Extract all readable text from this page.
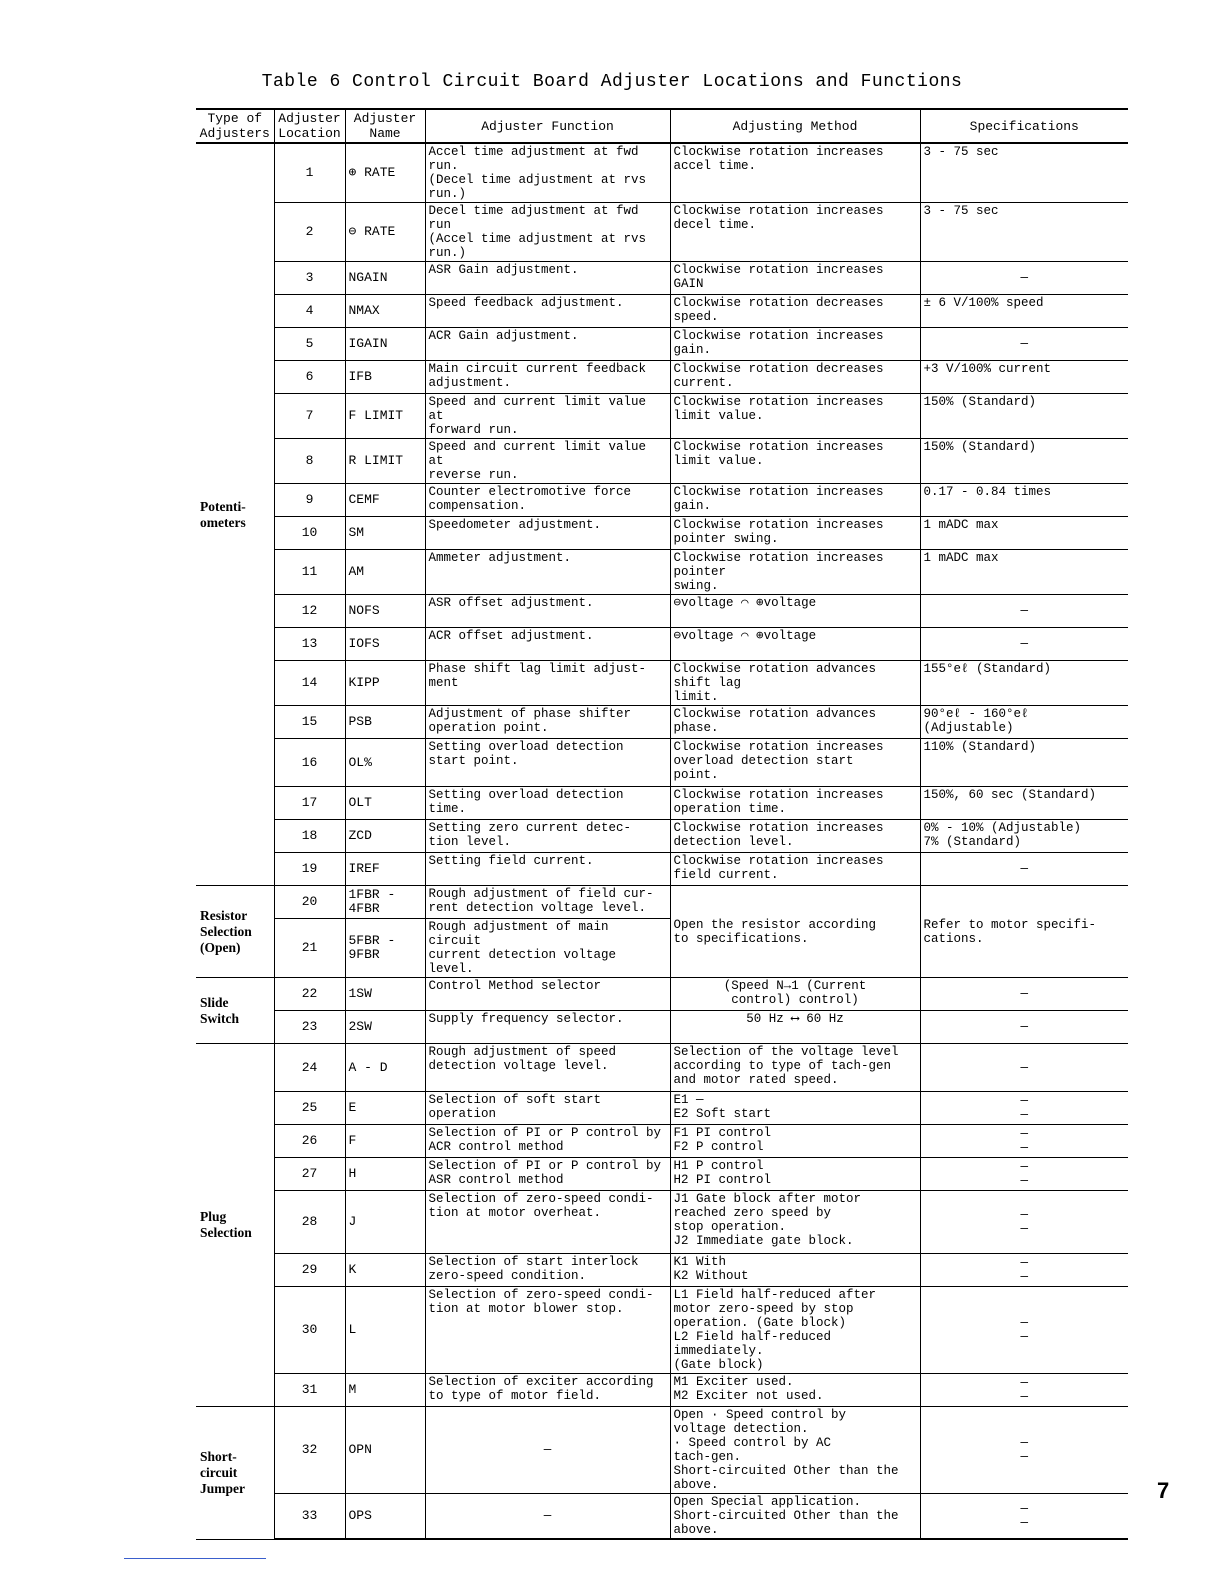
Table 6 Control Circuit Board Adjuster Locations and Functions
Type of Adjusters	Adjuster Location	Adjuster Name	Adjuster Function	Adjusting Method	Specifications
Potenti-
ometers	1	⊕ RATE	Accel time adjustment at fwd run.
(Decel time adjustment at rvs run.)	Clockwise rotation increases
accel time.	3 - 75 sec
	2	⊖ RATE	Decel time adjustment at fwd run
(Accel time adjustment at rvs run.)	Clockwise rotation increases decel time.	3 - 75 sec
	3	NGAIN	ASR Gain adjustment.	Clockwise rotation increases GAIN	—
	4	NMAX	Speed feedback adjustment.	Clockwise rotation decreases
speed.	± 6 V/100% speed
	5	IGAIN	ACR Gain adjustment.	Clockwise rotation increases
gain.	—
	6	IFB	Main circuit current feedback
adjustment.	Clockwise rotation decreases
current.	+3 V/100% current
	7	F LIMIT	Speed and current limit value at
forward run.	Clockwise rotation increases
limit value.	150% (Standard)
	8	R LIMIT	Speed and current limit value at
reverse run.	Clockwise rotation increases
limit value.	150% (Standard)
	9	CEMF	Counter electromotive force
compensation.	Clockwise rotation increases
gain.	0.17 - 0.84 times
	10	SM	Speedometer adjustment.	Clockwise rotation increases
pointer swing.	1 mADC max
	11	AM	Ammeter adjustment.	Clockwise rotation increases pointer
swing.	1 mADC max
	12	NOFS	ASR offset adjustment.	⊖voltage ⌒ ⊕voltage	—
	13	IOFS	ACR offset adjustment.	⊖voltage ⌒ ⊕voltage	—
	14	KIPP	Phase shift lag limit adjust-
ment	Clockwise rotation advances shift lag
limit.	155°eℓ (Standard)
	15	PSB	Adjustment of phase shifter
operation point.	Clockwise rotation advances
phase.	90°eℓ - 160°eℓ
(Adjustable)
	16	OL%	Setting overload detection
start point.	Clockwise rotation increases
overload detection start
point.	110% (Standard)
	17	OLT	Setting overload detection
time.	Clockwise rotation increases
operation time.	150%, 60 sec (Standard)
	18	ZCD	Setting zero current detec-
tion level.	Clockwise rotation increases
detection level.	0% - 10% (Adjustable)
7% (Standard)
	19	IREF	Setting field current.	Clockwise rotation increases
field current.	—
Resistor
Selection
(Open)	20	1FBR -
4FBR	Rough adjustment of field cur-
rent detection voltage level.	Open the resistor according
to specifications.	Refer to motor specifi-
cations.
	21	5FBR -
9FBR	Rough adjustment of main circuit
current detection voltage level.		
Slide
Switch	22	1SW	Control Method selector	(Speed N→1 (Current
control) control)	—
	23	2SW	Supply frequency selector.	50 Hz ⟷ 60 Hz	—
Plug
Selection	24	A - D	Rough adjustment of speed
detection voltage level.	Selection of the voltage level
according to type of tach-gen
and motor rated speed.	—
	25	E	Selection of soft start
operation	E1 —
E2 Soft start	—
—
	26	F	Selection of PI or P control by
ACR control method	F1 PI control
F2 P control	—
—
	27	H	Selection of PI or P control by
ASR control method	H1 P control
H2 PI control	—
—
	28	J	Selection of zero-speed condi-
tion at motor overheat.	J1 Gate block after motor
reached zero speed by
stop operation.
J2 Immediate gate block.	—
—
	29	K	Selection of start interlock
zero-speed condition.	K1 With
K2 Without	—
—
	30	L	Selection of zero-speed condi-
tion at motor blower stop.	L1 Field half-reduced after
motor zero-speed by stop
operation. (Gate block)
L2 Field half-reduced immediately.
(Gate block)	—
—
	31	M	Selection of exciter according
to type of motor field.	M1 Exciter used.
M2 Exciter not used.	—
—
Short-
circuit
Jumper	32	OPN	—	Open · Speed control by
voltage detection.
· Speed control by AC
tach-gen.
Short-circuited Other than the above.	—
—
	33	OPS	—	Open Special application.
Short-circuited Other than the above.	—
—
7
